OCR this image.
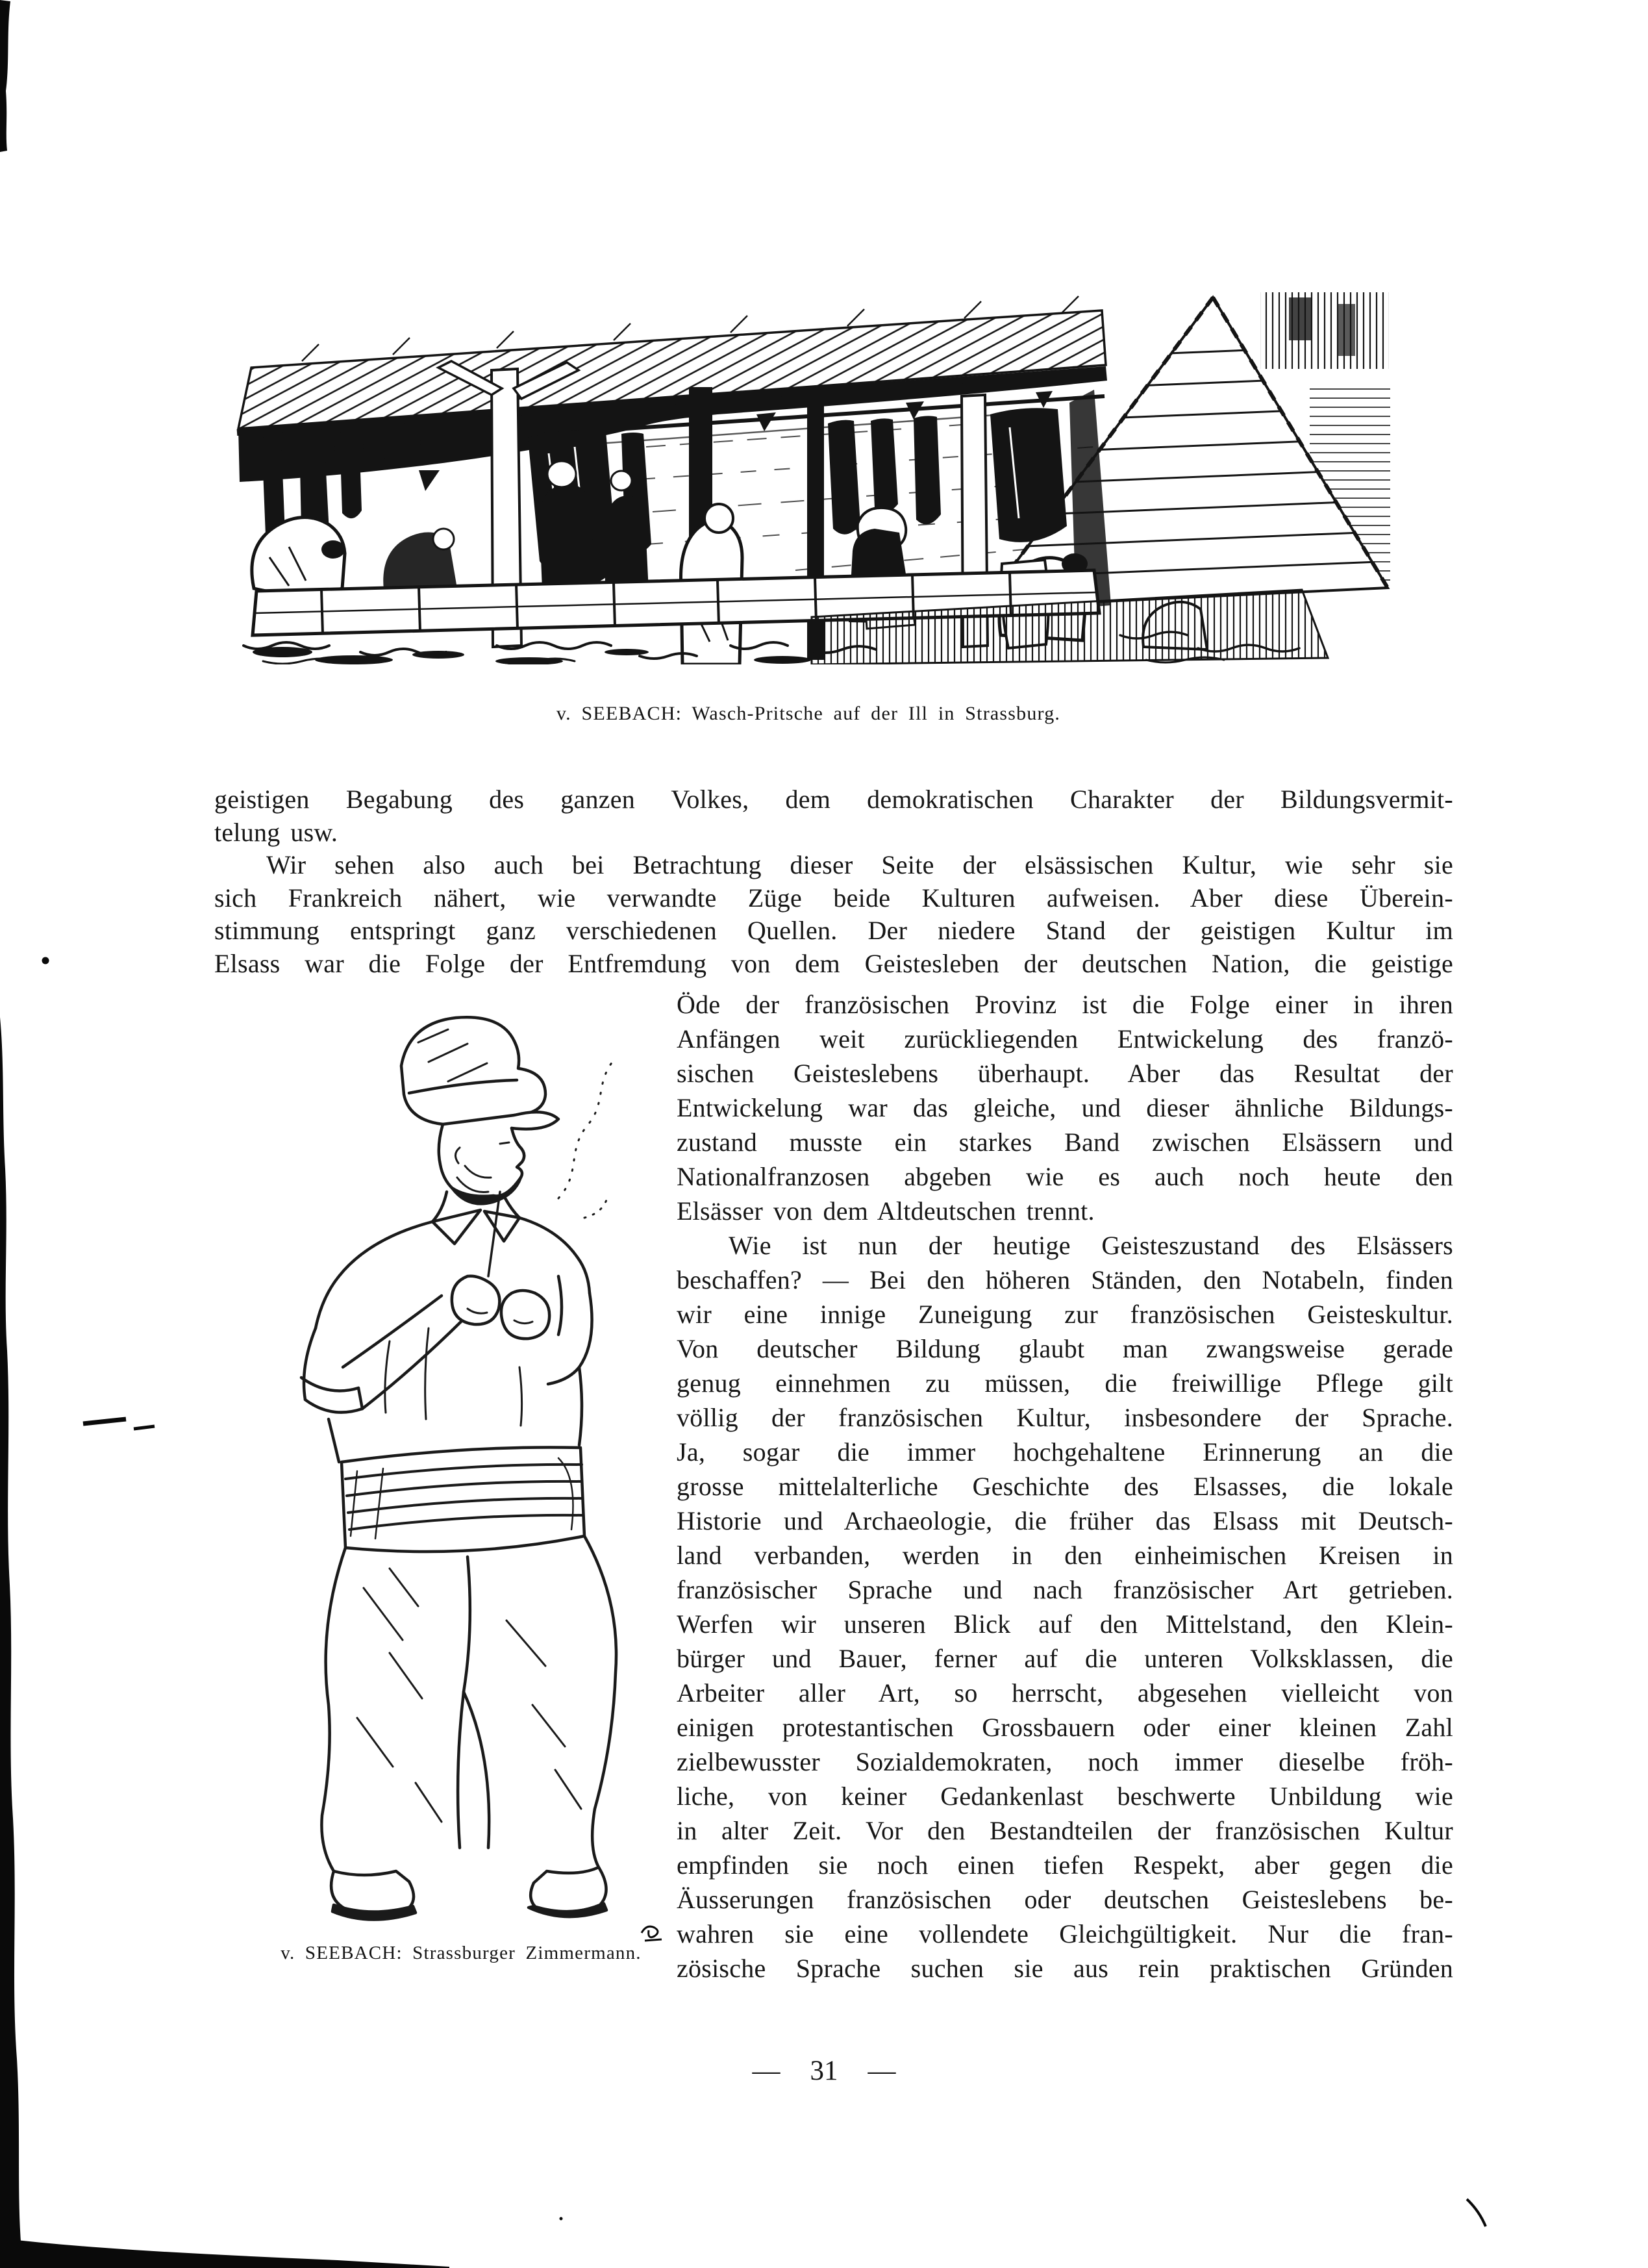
v. SEEBACH: Wasch-Pritsche auf der Ill in Strassburg.
geistigen Begabung des ganzen Volkes, dem demokratischen Charakter der Bildungsvermit-
telung usw.
Wir sehen also auch bei Betrachtung dieser Seite der elsässischen Kultur, wie sehr sie
sich Frankreich nähert, wie verwandte Züge beide Kulturen aufweisen. Aber diese Überein-
stimmung entspringt ganz verschiedenen Quellen. Der niedere Stand der geistigen Kultur im
Elsass war die Folge der Entfremdung von dem Geistesleben der deutschen Nation, die geistige
Öde der französischen Provinz ist die Folge einer in ihren
Anfängen weit zurückliegenden Entwickelung des franzö-
sischen Geisteslebens überhaupt. Aber das Resultat der
Entwickelung war das gleiche, und dieser ähnliche Bildungs-
zustand musste ein starkes Band zwischen Elsässern und
Nationalfranzosen abgeben wie es auch noch heute den
Elsässer von dem Altdeutschen trennt.
Wie ist nun der heutige Geisteszustand des Elsässers
beschaffen? — Bei den höheren Ständen, den Notabeln, finden
wir eine innige Zuneigung zur französischen Geisteskultur.
Von deutscher Bildung glaubt man zwangsweise gerade
genug einnehmen zu müssen, die freiwillige Pflege gilt
völlig der französischen Kultur, insbesondere der Sprache.
Ja, sogar die immer hochgehaltene Erinnerung an die
grosse mittelalterliche Geschichte des Elsasses, die lokale
Historie und Archaeologie, die früher das Elsass mit Deutsch-
land verbanden, werden in den einheimischen Kreisen in
französischer Sprache und nach französischer Art getrieben.
Werfen wir unseren Blick auf den Mittelstand, den Klein-
bürger und Bauer, ferner auf die unteren Volksklassen, die
Arbeiter aller Art, so herrscht, abgesehen vielleicht von
einigen protestantischen Grossbauern oder einer kleinen Zahl
zielbewusster Sozialdemokraten, noch immer dieselbe fröh-
liche, von keiner Gedankenlast beschwerte Unbildung wie
in alter Zeit. Vor den Bestandteilen der französischen Kultur
empfinden sie noch einen tiefen Respekt, aber gegen die
Äusserungen französischen oder deutschen Geisteslebens be-
wahren sie eine vollendete Gleichgültigkeit. Nur die fran-
zösische Sprache suchen sie aus rein praktischen Gründen
v. SEEBACH: Strassburger Zimmermann.
— 31 —
